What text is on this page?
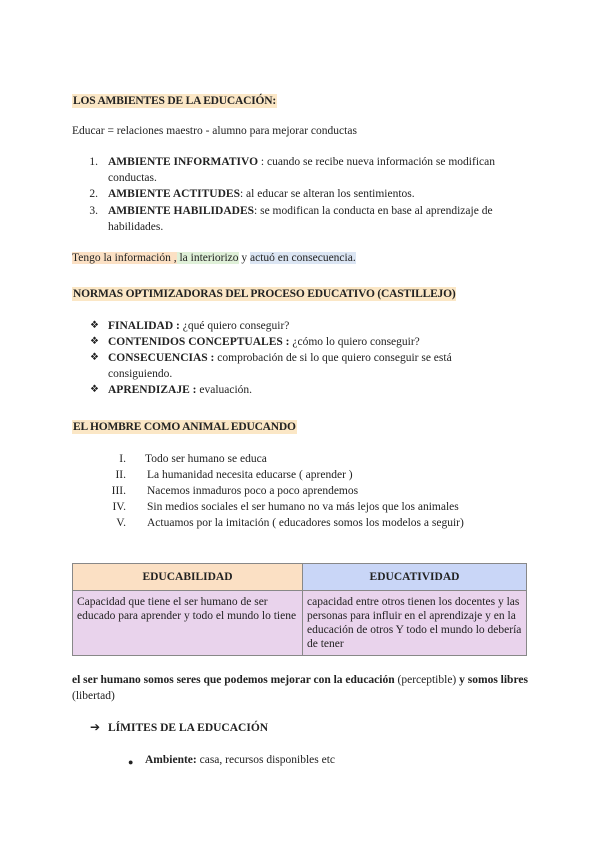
LOS AMBIENTES DE LA EDUCACIÓN:
Educar = relaciones maestro - alumno para mejorar conductas
1. AMBIENTE INFORMATIVO : cuando se recibe nueva información se modifican
conductas.
2. AMBIENTE ACTITUDES: al educar se alteran los sentimientos.
3. AMBIENTE HABILIDADES: se modifican la conducta en base al aprendizaje de
habilidades.
Tengo la información , la interiorizo y actuó en consecuencia.
NORMAS OPTIMIZADORAS DEL PROCESO EDUCATIVO (CASTILLEJO)
❖ FINALIDAD : ¿qué quiero conseguir?
❖ CONTENIDOS CONCEPTUALES : ¿cómo lo quiero conseguir?
❖ CONSECUENCIAS : comprobación de si lo que quiero conseguir se está
consiguiendo.
❖ APRENDIZAJE : evaluación.
EL HOMBRE COMO ANIMAL EDUCANDO
I. Todo ser humano se educa
II. La humanidad necesita educarse ( aprender )
III. Nacemos inmaduros poco a poco aprendemos
IV. Sin medios sociales el ser humano no va más lejos que los animales
V. Actuamos por la imitación ( educadores somos los modelos a seguir)
EDUCABILIDAD	EDUCATIVIDAD
Capacidad que tiene el ser humano de ser educado para aprender y todo el mundo lo tiene	capacidad entre otros tienen los docentes y las personas para influir en el aprendizaje y en la educación de otros Y todo el mundo lo debería de tener
el ser humano somos seres que podemos mejorar con la educación (perceptible) y somos libres (libertad)
➔ LÍMITES DE LA EDUCACIÓN
● Ambiente: casa, recursos disponibles etc
